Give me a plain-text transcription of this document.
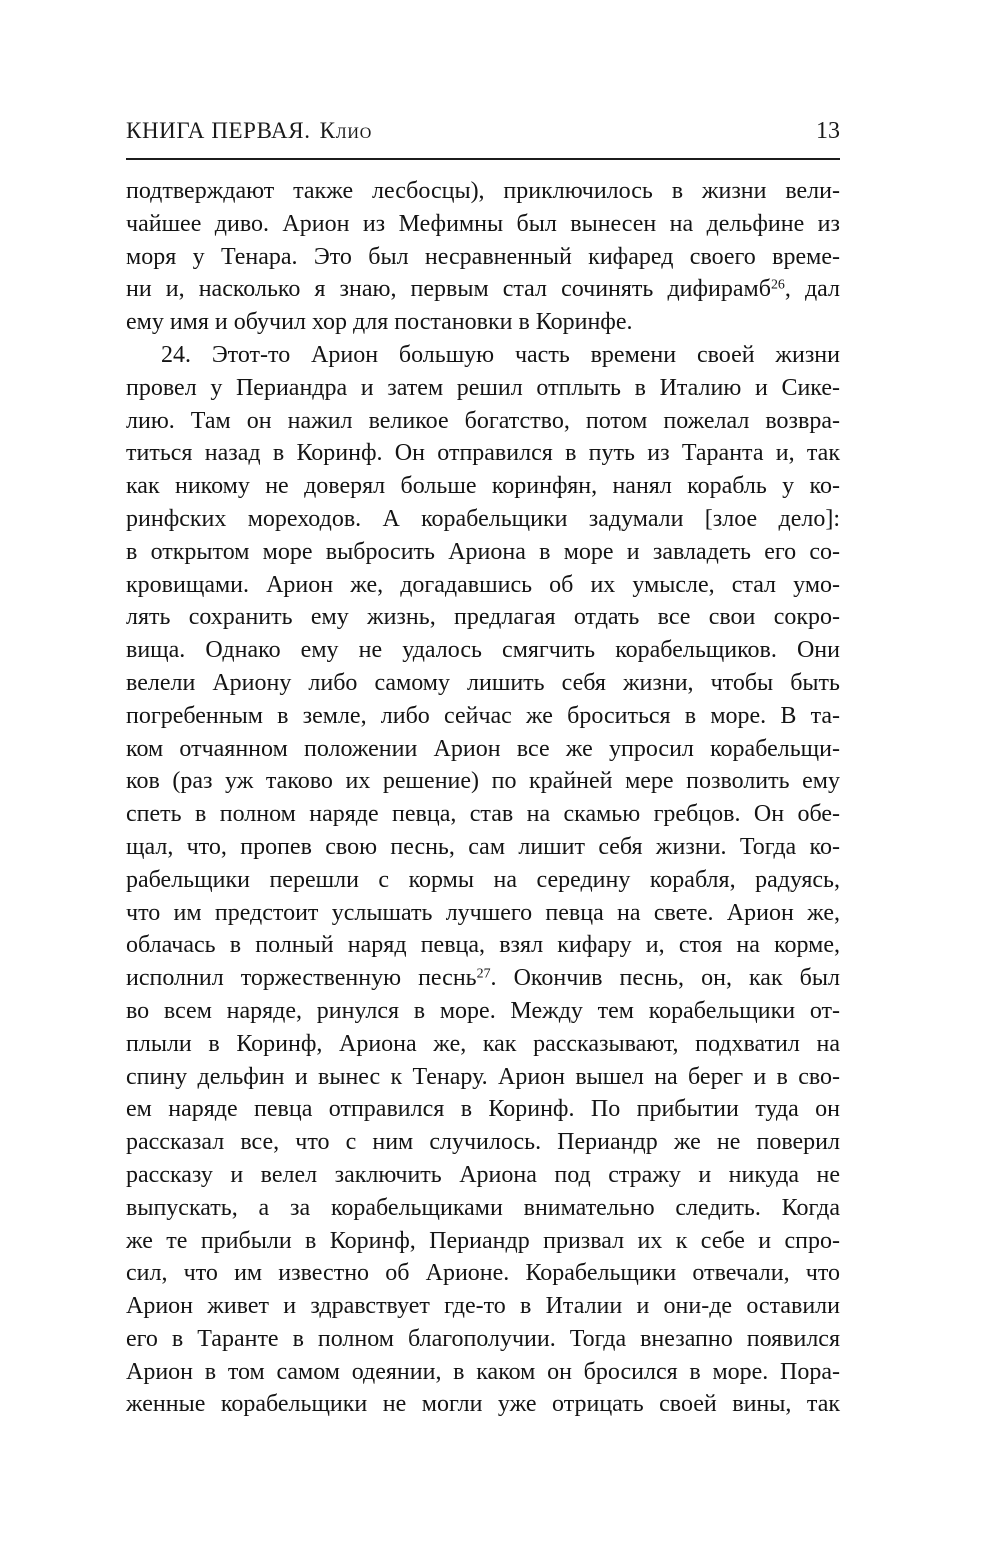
КНИГА ПЕРВАЯ. Клио	13
подтверждают также лесбосцы), приключилось в жизни вели-
чайшее диво. Арион из Мефимны был вынесен на дельфине из
моря у Тенара. Это был несравненный кифаред своего време-
ни и, насколько я знаю, первым стал сочинять дифирамб$^{26}$, дал
ему имя и обучил хор для постановки в Коринфе.
24. Этот-то Арион большую часть времени своей жизни
провел у Периандра и затем решил отплыть в Италию и Сике-
лию. Там он нажил великое богатство, потом пожелал возвра-
титься назад в Коринф. Он отправился в путь из Таранта и, так
как никому не доверял больше коринфян, нанял корабль у ко-
ринфских мореходов. А корабельщики задумали [злое дело]:
в открытом море выбросить Ариона в море и завладеть его со-
кровищами. Арион же, догадавшись об их умысле, стал умо-
лять сохранить ему жизнь, предлагая отдать все свои сокро-
вища. Однако ему не удалось смягчить корабельщиков. Они
велели Ариону либо самому лишить себя жизни, чтобы быть
погребенным в земле, либо сейчас же броситься в море. В та-
ком отчаянном положении Арион все же упросил корабельщи-
ков (раз уж таково их решение) по крайней мере позволить ему
спеть в полном наряде певца, став на скамью гребцов. Он обе-
щал, что, пропев свою песнь, сам лишит себя жизни. Тогда ко-
рабельщики перешли с кормы на середину корабля, радуясь,
что им предстоит услышать лучшего певца на свете. Арион же,
облачась в полный наряд певца, взял кифару и, стоя на корме,
исполнил торжественную песнь$^{27}$. Окончив песнь, он, как был
во всем наряде, ринулся в море. Между тем корабельщики от-
плыли в Коринф, Ариона же, как рассказывают, подхватил на
спину дельфин и вынес к Тенару. Арион вышел на берег и в сво-
ем наряде певца отправился в Коринф. По прибытии туда он
рассказал все, что с ним случилось. Периандр же не поверил
рассказу и велел заключить Ариона под стражу и никуда не
выпускать, а за корабельщиками внимательно следить. Когда
же те прибыли в Коринф, Периандр призвал их к себе и спро-
сил, что им известно об Арионе. Корабельщики отвечали, что
Арион живет и здравствует где-то в Италии и они-де оставили
его в Таранте в полном благополучии. Тогда внезапно появился
Арион в том самом одеянии, в каком он бросился в море. Пора-
женные корабельщики не могли уже отрицать своей вины, так
